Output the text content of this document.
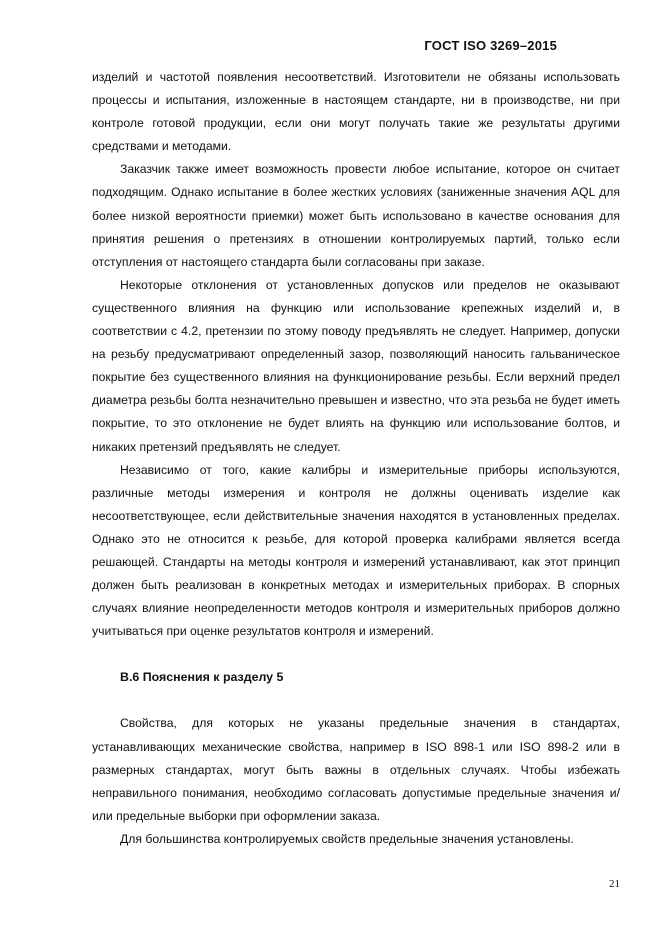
ГОСТ ISO 3269–2015

изделий и частотой появления несоответствий. Изготовители не обязаны использовать процессы и испытания, изложенные в настоящем стандарте, ни в производстве, ни при контроле готовой продукции, если они могут получать такие же результаты другими средствами и методами.

Заказчик также имеет возможность провести любое испытание, которое он считает подходящим. Однако испытание в более жестких условиях (заниженные значения AQL для более низкой вероятности приемки) может быть использовано в качестве основания для принятия решения о претензиях в отношении контролируемых партий, только если отступления от настоящего стандарта были согласованы при заказе.

Некоторые отклонения от установленных допусков или пределов не оказывают существенного влияния на функцию или использование крепежных изделий и, в соответствии с 4.2, претензии по этому поводу предъявлять не следует. Например, допуски на резьбу предусматривают определенный зазор, позволяющий наносить гальваническое покрытие без существенного влияния на функционирование резьбы. Если верхний предел диаметра резьбы болта незначительно превышен и известно, что эта резьба не будет иметь покрытие, то это отклонение не будет влиять на функцию или использование болтов, и никаких претензий предъявлять не следует.

Независимо от того, какие калибры и измерительные приборы используются, различные методы измерения и контроля не должны оценивать изделие как несоответствующее, если действительные значения находятся в установленных пределах. Однако это не относится к резьбе, для которой проверка калибрами является всегда решающей. Стандарты на методы контроля и измерений устанавливают, как этот принцип должен быть реализован в конкретных методах и измерительных приборах. В спорных случаях влияние неопределенности методов контроля и измерительных приборов должно учитываться при оценке результатов контроля и измерений.

B.6 Пояснения к разделу 5

Свойства, для которых не указаны предельные значения в стандартах, устанавливающих механические свойства, например в ISO 898-1 или ISO 898-2 или в размерных стандартах, могут быть важны в отдельных случаях. Чтобы избежать неправильного понимания, необходимо согласовать допустимые предельные значения и/или предельные выборки при оформлении заказа.

Для большинства контролируемых свойств предельные значения установлены.

21
